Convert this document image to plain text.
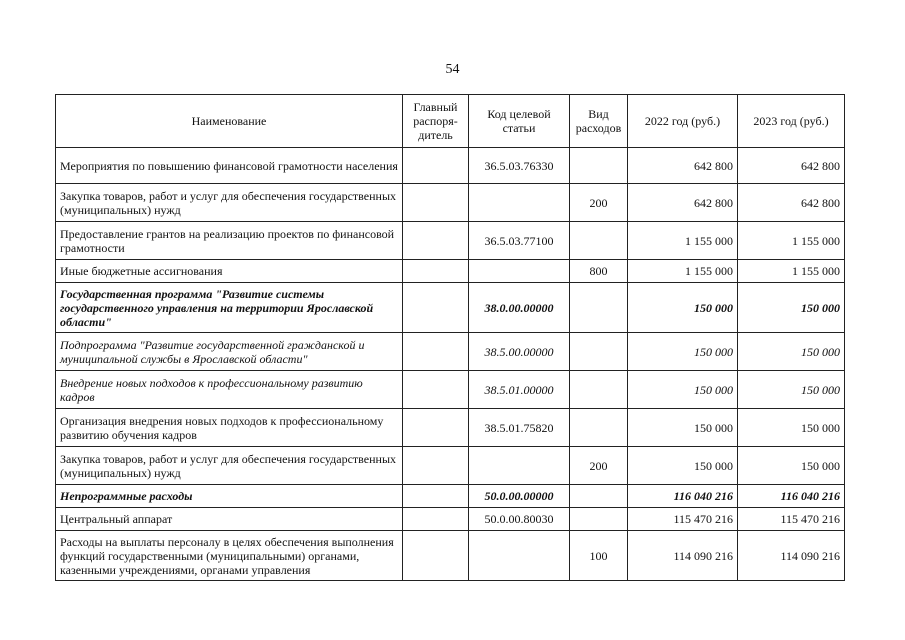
54
Наименование	Главный распоря-дитель	Код целевой статьи	Вид расходов	2022 год (руб.)	2023 год (руб.)
Мероприятия по повышению финансовой грамотности населения		36.5.03.76330		642 800	642 800
Закупка товаров, работ и услуг для обеспечения государственных (муниципальных) нужд			200	642 800	642 800
Предоставление грантов на реализацию проектов по финансовой грамотности		36.5.03.77100		1 155 000	1 155 000
Иные бюджетные ассигнования			800	1 155 000	1 155 000
Государственная программа "Развитие системы государственного управления на территории Ярославской области"		38.0.00.00000		150 000	150 000
Подпрограмма "Развитие государственной гражданской и муниципальной службы в Ярославской области"		38.5.00.00000		150 000	150 000
Внедрение новых подходов к профессиональному развитию кадров		38.5.01.00000		150 000	150 000
Организация внедрения новых подходов к профессиональному развитию обучения кадров		38.5.01.75820		150 000	150 000
Закупка товаров, работ и услуг для обеспечения государственных (муниципальных) нужд			200	150 000	150 000
Непрограммные расходы		50.0.00.00000		116 040 216	116 040 216
Центральный аппарат		50.0.00.80030		115 470 216	115 470 216
Расходы на выплаты персоналу в целях обеспечения выполнения функций государственными (муниципальными) органами, казенными учреждениями, органами управления			100	114 090 216	114 090 216
